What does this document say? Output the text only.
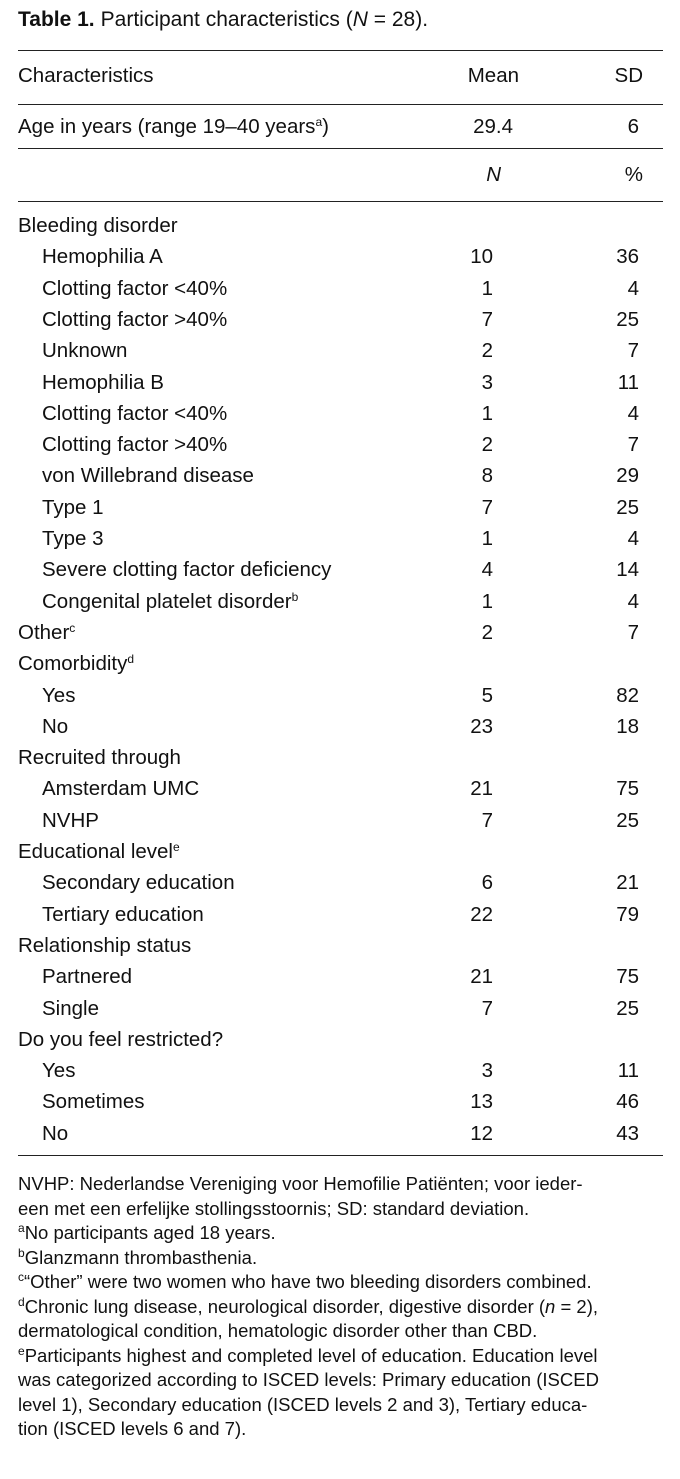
Table 1. Participant characteristics (N = 28).
Characteristics	Mean	SD
Age in years (range 19–40 years$^a$)	29.4	6
N	%
Bleeding disorder
Hemophilia A	10	36
Clotting factor <40%	1	4
Clotting factor >40%	7	25
Unknown	2	7
Hemophilia B	3	11
Clotting factor <40%	1	4
Clotting factor >40%	2	7
von Willebrand disease	8	29
Type 1	7	25
Type 3	1	4
Severe clotting factor deficiency	4	14
Congenital platelet disorder$^b$	1	4
Other$^c$	2	7
Comorbidity$^d$
Yes	5	82
No	23	18
Recruited through
Amsterdam UMC	21	75
NVHP	7	25
Educational level$^e$
Secondary education	6	21
Tertiary education	22	79
Relationship status
Partnered	21	75
Single	7	25
Do you feel restricted?
Yes	3	11
Sometimes	13	46
No	12	43

NVHP: Nederlandse Vereniging voor Hemofilie Patiënten; voor ieder-
een met een erfelijke stollingsstoornis; SD: standard deviation.

$^a$No participants aged 18 years.

$^b$Glanzmann thrombasthenia.

$^c$“Other” were two women who have two bleeding disorders combined.

$^d$Chronic lung disease, neurological disorder, digestive disorder (n = 2),
dermatological condition, hematologic disorder other than CBD.

$^e$Participants highest and completed level of education. Education level
was categorized according to ISCED levels: Primary education (ISCED
level 1), Secondary education (ISCED levels 2 and 3), Tertiary educa-
tion (ISCED levels 6 and 7).
